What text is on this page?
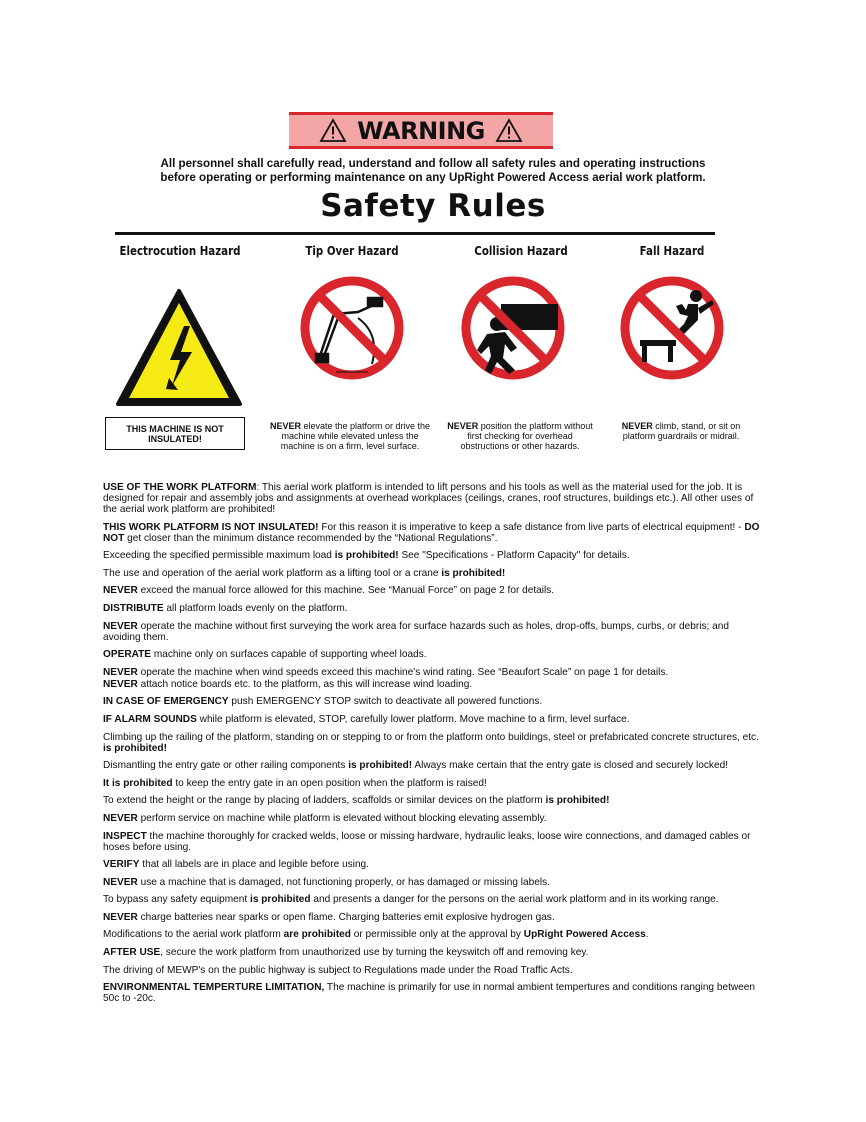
WARNING
All personnel shall carefully read, understand and follow all safety rules and operating instructions
before operating or performing maintenance on any UpRight Powered Access aerial work platform.
Safety Rules
Electrocution Hazard	Tip Over Hazard	Collision Hazard	Fall Hazard
THIS MACHINE IS NOT INSULATED!
NEVER elevate the platform or drive the machine while elevated unless the machine is on a firm, level surface.
NEVER position the platform without first checking for overhead obstructions or other hazards.
NEVER climb, stand, or sit on platform guardrails or midrail.
USE OF THE WORK PLATFORM: This aerial work platform is intended to lift persons and his tools as well as the material used for the job. It is designed for repair and assembly jobs and assignments at overhead workplaces (ceilings, cranes, roof structures, buildings etc.). All other uses of the aerial work platform are prohibited!
THIS WORK PLATFORM IS NOT INSULATED! For this reason it is imperative to keep a safe distance from live parts of electrical equipment! - DO NOT get closer than the minimum distance recommended by the “National Regulations”.
Exceeding the specified permissible maximum load is prohibited! See "Specifications - Platform Capacity" for details.
The use and operation of the aerial work platform as a lifting tool or a crane is prohibited!
NEVER exceed the manual force allowed for this machine. See “Manual Force” on page 2 for details.
DISTRIBUTE all platform loads evenly on the platform.
NEVER operate the machine without first surveying the work area for surface hazards such as holes, drop-offs, bumps, curbs, or debris; and avoiding them.
OPERATE machine only on surfaces capable of supporting wheel loads.
NEVER operate the machine when wind speeds exceed this machine's wind rating. See “Beaufort Scale” on page 1 for details.
NEVER attach notice boards etc. to the platform, as this will increase wind loading.
IN CASE OF EMERGENCY push EMERGENCY STOP switch to deactivate all powered functions.
IF ALARM SOUNDS while platform is elevated, STOP, carefully lower platform. Move machine to a firm, level surface.
Climbing up the railing of the platform, standing on or stepping to or from the platform onto buildings, steel or prefabricated concrete structures, etc. is prohibited!
Dismantling the entry gate or other railing components is prohibited! Always make certain that the entry gate is closed and securely locked!
It is prohibited to keep the entry gate in an open position when the platform is raised!
To extend the height or the range by placing of ladders, scaffolds or similar devices on the platform is prohibited!
NEVER perform service on machine while platform is elevated without blocking elevating assembly.
INSPECT the machine thoroughly for cracked welds, loose or missing hardware, hydraulic leaks, loose wire connections, and damaged cables or hoses before using.
VERIFY that all labels are in place and legible before using.
NEVER use a machine that is damaged, not functioning properly, or has damaged or missing labels.
To bypass any safety equipment is prohibited and presents a danger for the persons on the aerial work platform and in its working range.
NEVER charge batteries near sparks or open flame. Charging batteries emit explosive hydrogen gas.
Modifications to the aerial work platform are prohibited or permissible only at the approval by UpRight Powered Access.
AFTER USE, secure the work platform from unauthorized use by turning the keyswitch off and removing key.
The driving of MEWP's on the public highway is subject to Regulations made under the Road Traffic Acts.
ENVIRONMENTAL TEMPERTURE LIMITATION, The machine is primarily for use in normal ambient tempertures and conditions ranging between 50c to -20c.
